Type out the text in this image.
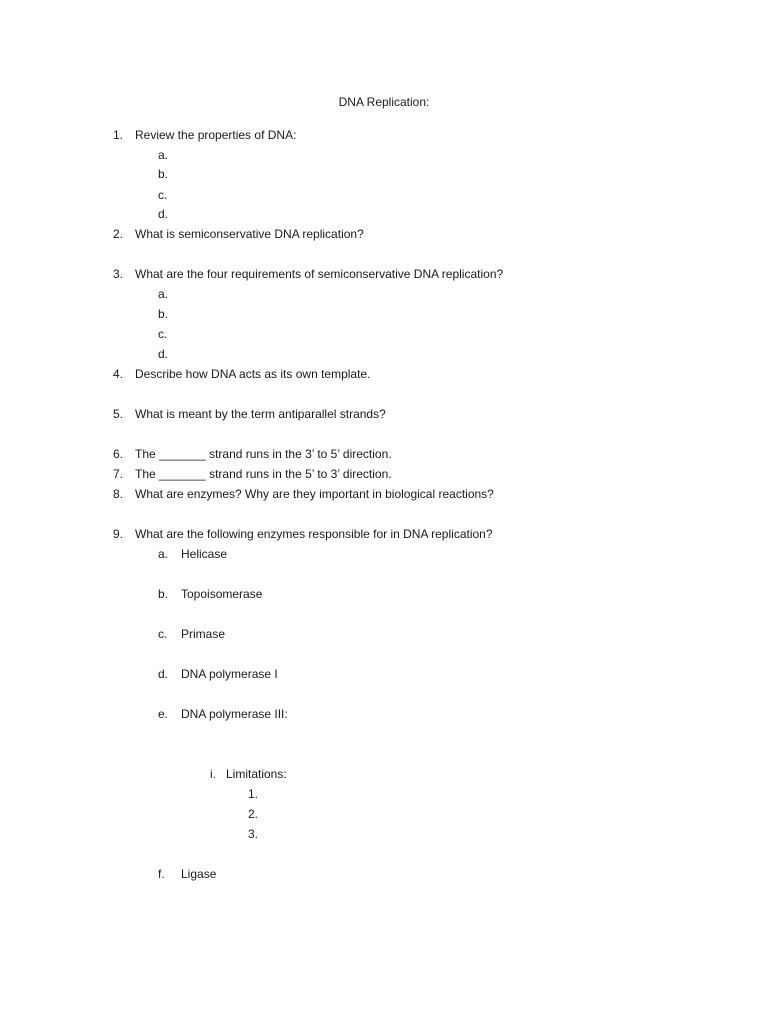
DNA Replication:
1. Review the properties of DNA:
a.
b.
c.
d.
2. What is semiconservative DNA replication?
3. What are the four requirements of semiconservative DNA replication?
a.
b.
c.
d.
4. Describe how DNA acts as its own template.
5. What is meant by the term antiparallel strands?
6. The _______ strand runs in the 3’ to 5’ direction.
7. The _______ strand runs in the 5’ to 3’ direction.
8. What are enzymes? Why are they important in biological reactions?
9. What are the following enzymes responsible for in DNA replication?
a. Helicase
b. Topoisomerase
c. Primase
d. DNA polymerase I
e. DNA polymerase III:
i. Limitations:
1.
2.
3.
f. Ligase
